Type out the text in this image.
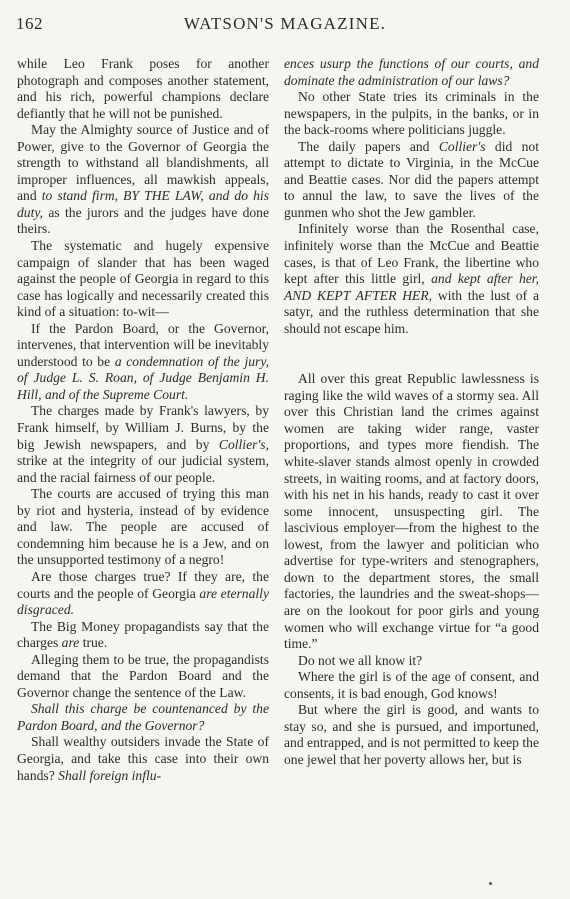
162	WATSON'S MAGAZINE.

while Leo Frank poses for another photograph and composes another statement, and his rich, powerful champions declare defiantly that he will not be punished.

May the Almighty source of Justice and of Power, give to the Governor of Georgia the strength to withstand all blandishments, all improper influences, all mawkish appeals, and to stand firm, BY THE LAW, and do his duty, as the jurors and the judges have done theirs.

The systematic and hugely expensive campaign of slander that has been waged against the people of Georgia in regard to this case has logically and necessarily created this kind of a situation: to-wit—

If the Pardon Board, or the Governor, intervenes, that intervention will be inevitably understood to be a condemnation of the jury, of Judge L. S. Roan, of Judge Benjamin H. Hill, and of the Supreme Court.

The charges made by Frank's lawyers, by Frank himself, by William J. Burns, by the big Jewish newspapers, and by Collier's, strike at the integrity of our judicial system, and the racial fairness of our people.

The courts are accused of trying this man by riot and hysteria, instead of by evidence and law. The people are accused of condemning him because he is a Jew, and on the unsupported testimony of a negro!

Are those charges true? If they are, the courts and the people of Georgia are eternally disgraced.

The Big Money propagandists say that the charges are true.

Alleging them to be true, the propagandists demand that the Pardon Board and the Governor change the sentence of the Law.

Shall this charge be countenanced by the Pardon Board, and the Governor?

Shall wealthy outsiders invade the State of Georgia, and take this case into their own hands? Shall foreign influ-

ences usurp the functions of our courts, and dominate the administration of our laws?

No other State tries its criminals in the newspapers, in the pulpits, in the banks, or in the back-rooms where politicians juggle.

The daily papers and Collier's did not attempt to dictate to Virginia, in the McCue and Beattie cases. Nor did the papers attempt to annul the law, to save the lives of the gunmen who shot the Jew gambler.

Infinitely worse than the Rosenthal case, infinitely worse than the McCue and Beattie cases, is that of Leo Frank, the libertine who kept after this little girl, and kept after her, AND KEPT AFTER HER, with the lust of a satyr, and the ruthless determination that she should not escape him.

All over this great Republic lawlessness is raging like the wild waves of a stormy sea. All over this Christian land the crimes against women are taking wider range, vaster proportions, and types more fiendish. The white-slaver stands almost openly in crowded streets, in waiting rooms, and at factory doors, with his net in his hands, ready to cast it over some innocent, unsuspecting girl. The lascivious employer—from the highest to the lowest, from the lawyer and politician who advertise for type-writers and stenographers, down to the department stores, the small factories, the laundries and the sweat-shops—are on the lookout for poor girls and young women who will exchange virtue for “a good time.”

Do not we all know it?

Where the girl is of the age of consent, and consents, it is bad enough, God knows!

But where the girl is good, and wants to stay so, and she is pursued, and importuned, and entrapped, and is not permitted to keep the one jewel that her poverty allows her, but is
